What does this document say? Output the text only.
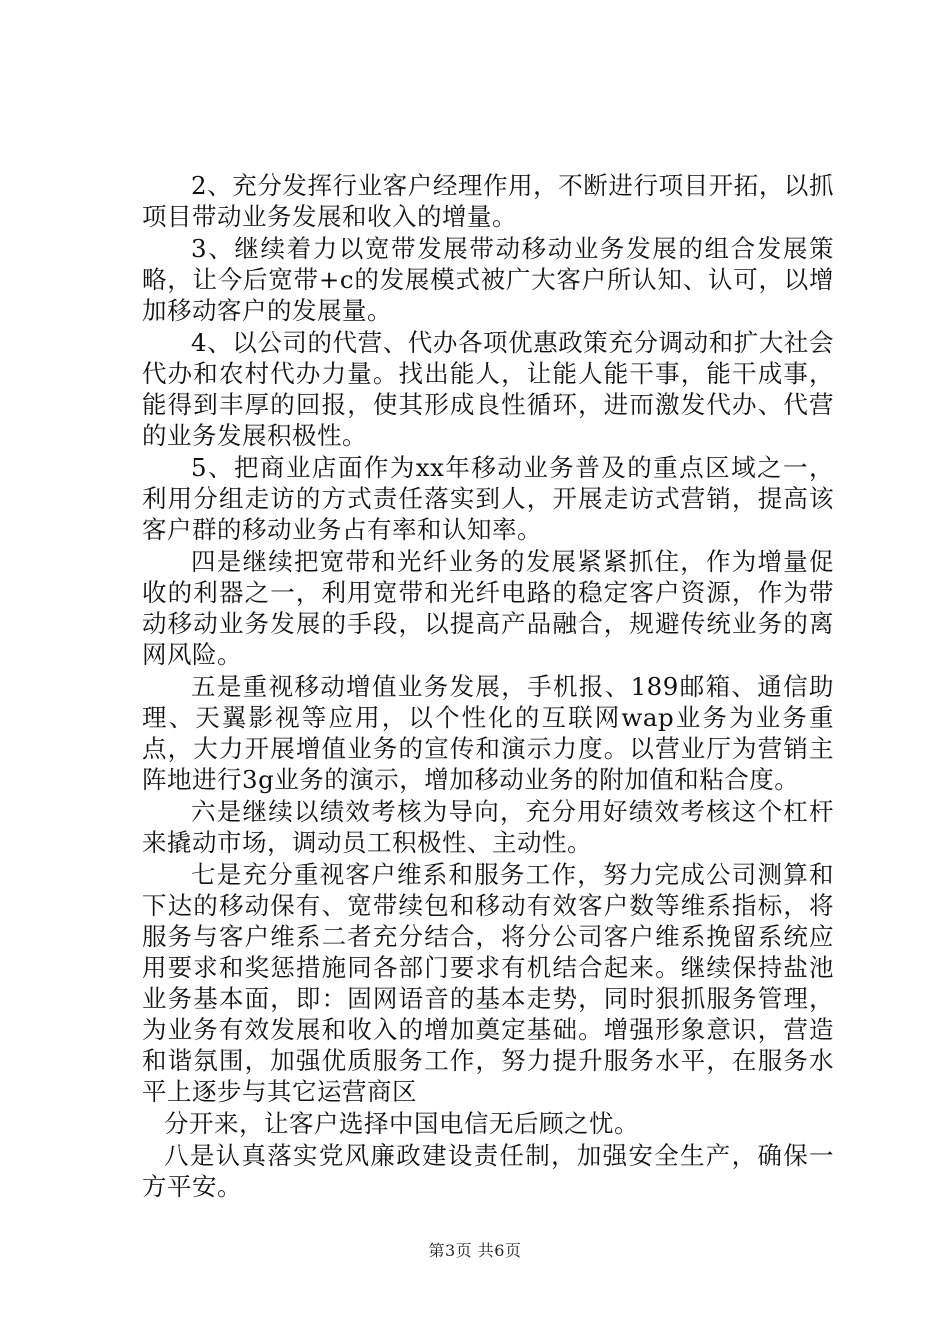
2、充分发挥行业客户经理作用，不断进行项目开拓，以抓项目带动业务发展和收入的增量。

3、继续着力以宽带发展带动移动业务发展的组合发展策略，让今后宽带+c的发展模式被广大客户所认知、认可，以增加移动客户的发展量。

4、以公司的代营、代办各项优惠政策充分调动和扩大社会代办和农村代办力量。找出能人，让能人能干事，能干成事，能得到丰厚的回报，使其形成良性循环，进而激发代办、代营的业务发展积极性。

5、把商业店面作为xx年移动业务普及的重点区域之一，利用分组走访的方式责任落实到人，开展走访式营销，提高该客户群的移动业务占有率和认知率。

四是继续把宽带和光纤业务的发展紧紧抓住，作为增量促收的利器之一，利用宽带和光纤电路的稳定客户资源，作为带动移动业务发展的手段，以提高产品融合，规避传统业务的离网风险。

五是重视移动增值业务发展，手机报、189邮箱、通信助理、天翼影视等应用，以个性化的互联网wap业务为业务重点，大力开展增值业务的宣传和演示力度。以营业厅为营销主阵地进行3g业务的演示，增加移动业务的附加值和粘合度。

六是继续以绩效考核为导向，充分用好绩效考核这个杠杆来撬动市场，调动员工积极性、主动性。

七是充分重视客户维系和服务工作，努力完成公司测算和下达的移动保有、宽带续包和移动有效客户数等维系指标，将服务与客户维系二者充分结合，将分公司客户维系挽留系统应用要求和奖惩措施同各部门要求有机结合起来。继续保持盐池业务基本面，即：固网语音的基本走势，同时狠抓服务管理，为业务有效发展和收入的增加奠定基础。增强形象意识，营造和谐氛围，加强优质服务工作，努力提升服务水平，在服务水平上逐步与其它运营商区

分开来，让客户选择中国电信无后顾之忧。

八是认真落实党风廉政建设责任制，加强安全生产，确保一方平安。

第3页 共6页
